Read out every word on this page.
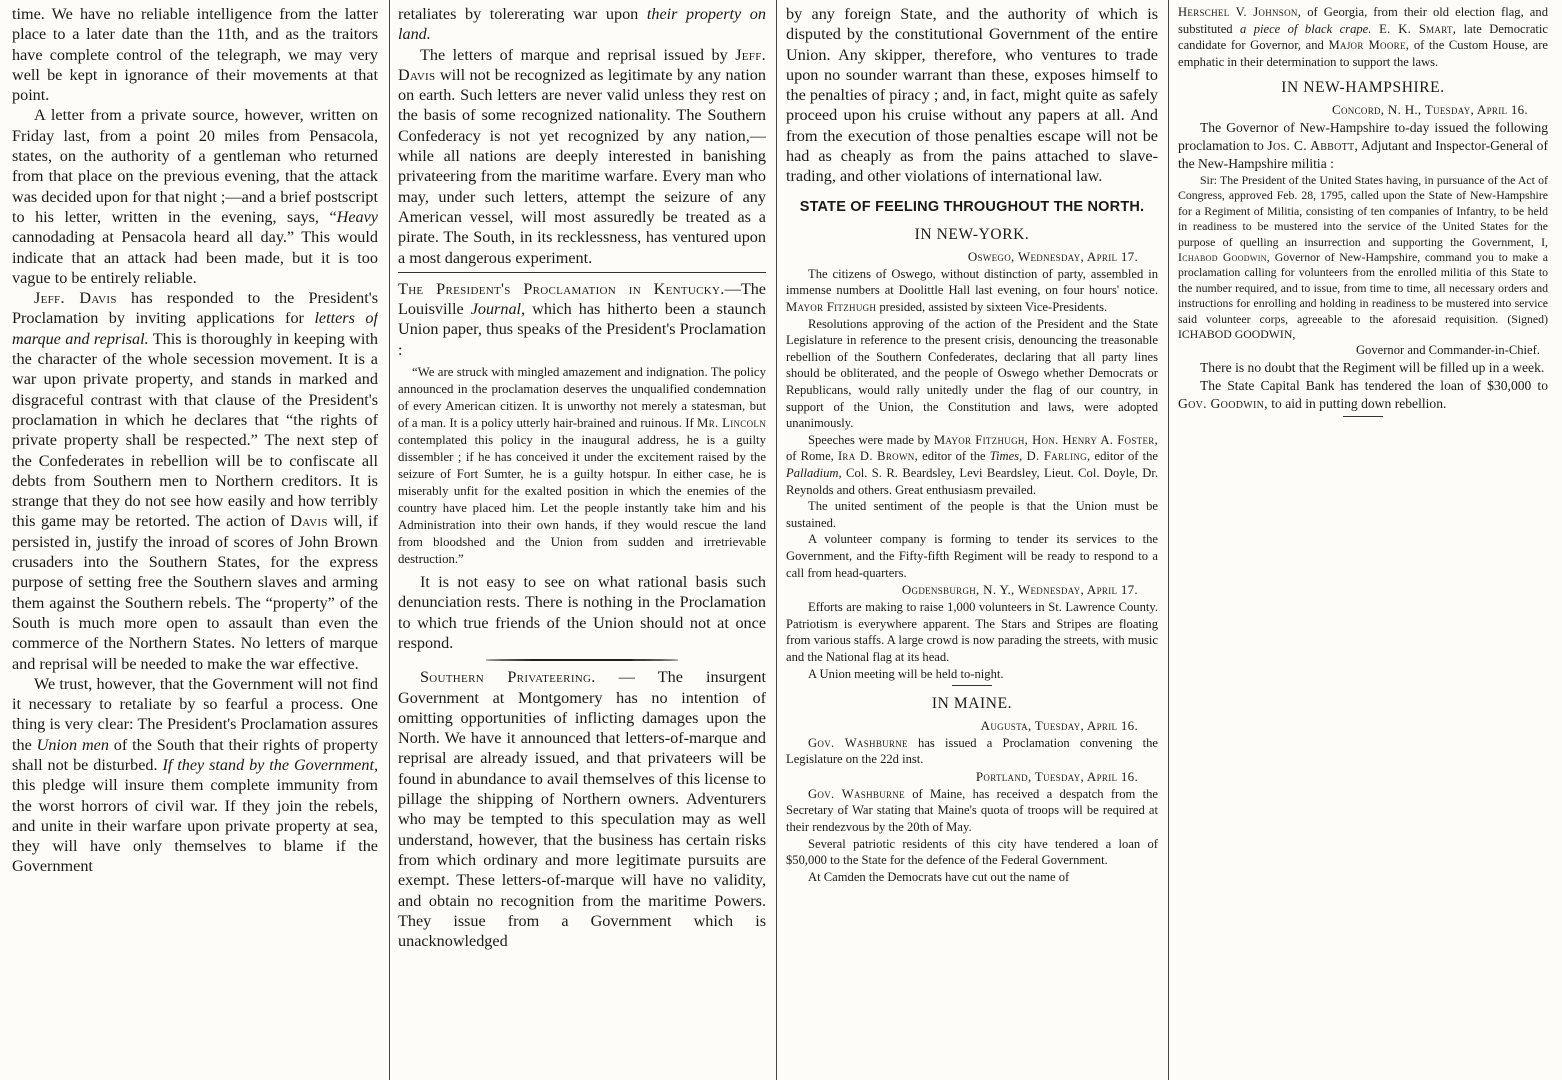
time. We have no reliable intelligence from the latter place to a later date than the 11th, and as the traitors have complete control of the telegraph, we may very well be kept in ignorance of their movements at that point.

A letter from a private source, however, written on Friday last, from a point 20 miles from Pensacola, states, on the authority of a gentleman who returned from that place on the previous evening, that the attack was decided upon for that night ;—and a brief postscript to his letter, written in the evening, says, “Heavy cannodading at Pensacola heard all day.” This would indicate that an attack had been made, but it is too vague to be entirely reliable.

Jeff. Davis has responded to the President's Proclamation by inviting applications for letters of marque and reprisal. This is thoroughly in keeping with the character of the whole secession movement. It is a war upon private property, and stands in marked and disgraceful contrast with that clause of the President's proclamation in which he declares that “the rights of private property shall be respected.” The next step of the Confederates in rebellion will be to confiscate all debts from Southern men to Northern creditors. It is strange that they do not see how easily and how terribly this game may be retorted. The action of Davis will, if persisted in, justify the inroad of scores of John Brown crusaders into the Southern States, for the express purpose of setting free the Southern slaves and arming them against the Southern rebels. The “property” of the South is much more open to assault than even the commerce of the Northern States. No letters of marque and reprisal will be needed to make the war effective.

We trust, however, that the Government will not find it necessary to retaliate by so fearful a process. One thing is very clear: The President's Proclamation assures the Union men of the South that their rights of property shall not be disturbed. If they stand by the Government, this pledge will insure them complete immunity from the worst horrors of civil war. If they join the rebels, and unite in their warfare upon private property at sea, they will have only themselves to blame if the Government

retaliates by tolererating war upon their property on land.

The letters of marque and reprisal issued by Jeff. Davis will not be recognized as legitimate by any nation on earth. Such letters are never valid unless they rest on the basis of some recognized nationality. The Southern Confederacy is not yet recognized by any nation,—while all nations are deeply interested in banishing privateering from the maritime warfare. Every man who may, under such letters, attempt the seizure of any American vessel, will most assuredly be treated as a pirate. The South, in its recklessness, has ventured upon a most dangerous experiment.

The President's Proclamation in Kentucky.—The Louisville Journal, which has hitherto been a staunch Union paper, thus speaks of the President's Proclamation :

“We are struck with mingled amazement and indignation. The policy announced in the proclamation deserves the unqualified condemnation of every American citizen. It is unworthy not merely a statesman, but of a man. It is a policy utterly hair-brained and ruinous. If Mr. Lincoln contemplated this policy in the inaugural address, he is a guilty dissembler ; if he has conceived it under the excitement raised by the seizure of Fort Sumter, he is a guilty hotspur. In either case, he is miserably unfit for the exalted position in which the enemies of the country have placed him. Let the people instantly take him and his Administration into their own hands, if they would rescue the land from bloodshed and the Union from sudden and irretrievable destruction.”

It is not easy to see on what rational basis such denunciation rests. There is nothing in the Proclamation to which true friends of the Union should not at once respond.

Southern Privateering. — The insurgent Government at Montgomery has no intention of omitting opportunities of inflicting damages upon the North. We have it announced that letters-of-marque and reprisal are already issued, and that privateers will be found in abundance to avail themselves of this license to pillage the shipping of Northern owners. Adventurers who may be tempted to this speculation may as well understand, however, that the business has certain risks from which ordinary and more legitimate pursuits are exempt. These letters-of-marque will have no validity, and obtain no recognition from the maritime Powers. They issue from a Government which is unacknowledged

by any foreign State, and the authority of which is disputed by the constitutional Government of the entire Union. Any skipper, therefore, who ventures to trade upon no sounder warrant than these, exposes himself to the penalties of piracy ; and, in fact, might quite as safely proceed upon his cruise without any papers at all. And from the execution of those penalties escape will not be had as cheaply as from the pains attached to slave-trading, and other violations of international law.

STATE OF FEELING THROUGHOUT THE NORTH.
IN NEW-YORK.
Oswego, Wednesday, April 17.

The citizens of Oswego, without distinction of party, assembled in immense numbers at Doolittle Hall last evening, on four hours' notice. Mayor Fitzhugh presided, assisted by sixteen Vice-Presidents.

Resolutions approving of the action of the President and the State Legislature in reference to the present crisis, denouncing the treasonable rebellion of the Southern Confederates, declaring that all party lines should be obliterated, and the people of Oswego whether Democrats or Republicans, would rally unitedly under the flag of our country, in support of the Union, the Constitution and laws, were adopted unanimously.

Speeches were made by Mayor Fitzhugh, Hon. Henry A. Foster, of Rome, Ira D. Brown, editor of the Times, D. Farling, editor of the Palladium, Col. S. R. Beardsley, Levi Beardsley, Lieut. Col. Doyle, Dr. Reynolds and others. Great enthusiasm prevailed.

The united sentiment of the people is that the Union must be sustained.

A volunteer company is forming to tender its services to the Government, and the Fifty-fifth Regiment will be ready to respond to a call from head-quarters.

Ogdensburgh, N. Y., Wednesday, April 17.

Efforts are making to raise 1,000 volunteers in St. Lawrence County. Patriotism is everywhere apparent. The Stars and Stripes are floating from various staffs. A large crowd is now parading the streets, with music and the National flag at its head.

A Union meeting will be held to-night.

IN MAINE.
Augusta, Tuesday, April 16.

Gov. Washburne has issued a Proclamation convening the Legislature on the 22d inst.

Portland, Tuesday, April 16.

Gov. Washburne of Maine, has received a despatch from the Secretary of War stating that Maine's quota of troops will be required at their rendezvous by the 20th of May.

Several patriotic residents of this city have tendered a loan of $50,000 to the State for the defence of the Federal Government.

At Camden the Democrats have cut out the name of

Herschel V. Johnson, of Georgia, from their old election flag, and substituted a piece of black crape. E. K. Smart, late Democratic candidate for Governor, and Major Moore, of the Custom House, are emphatic in their determination to support the laws.

IN NEW-HAMPSHIRE.
Concord, N. H., Tuesday, April 16.

The Governor of New-Hampshire to-day issued the following proclamation to Jos. C. Abbott, Adjutant and Inspector-General of the New-Hampshire militia :

Sir: The President of the United States having, in pursuance of the Act of Congress, approved Feb. 28, 1795, called upon the State of New-Hampshire for a Regiment of Militia, consisting of ten companies of Infantry, to be held in readiness to be mustered into the service of the United States for the purpose of quelling an insurrection and supporting the Government, I, Ichabod Goodwin, Governor of New-Hampshire, command you to make a proclamation calling for volunteers from the enrolled militia of this State to the number required, and to issue, from time to time, all necessary orders and instructions for enrolling and holding in readiness to be mustered into service said volunteer corps, agreeable to the aforesaid requisition. (Signed) ICHABOD GOODWIN,

Governor and Commander-in-Chief.

There is no doubt that the Regiment will be filled up in a week.

The State Capital Bank has tendered the loan of $30,000 to Gov. Goodwin, to aid in putting down rebellion.
